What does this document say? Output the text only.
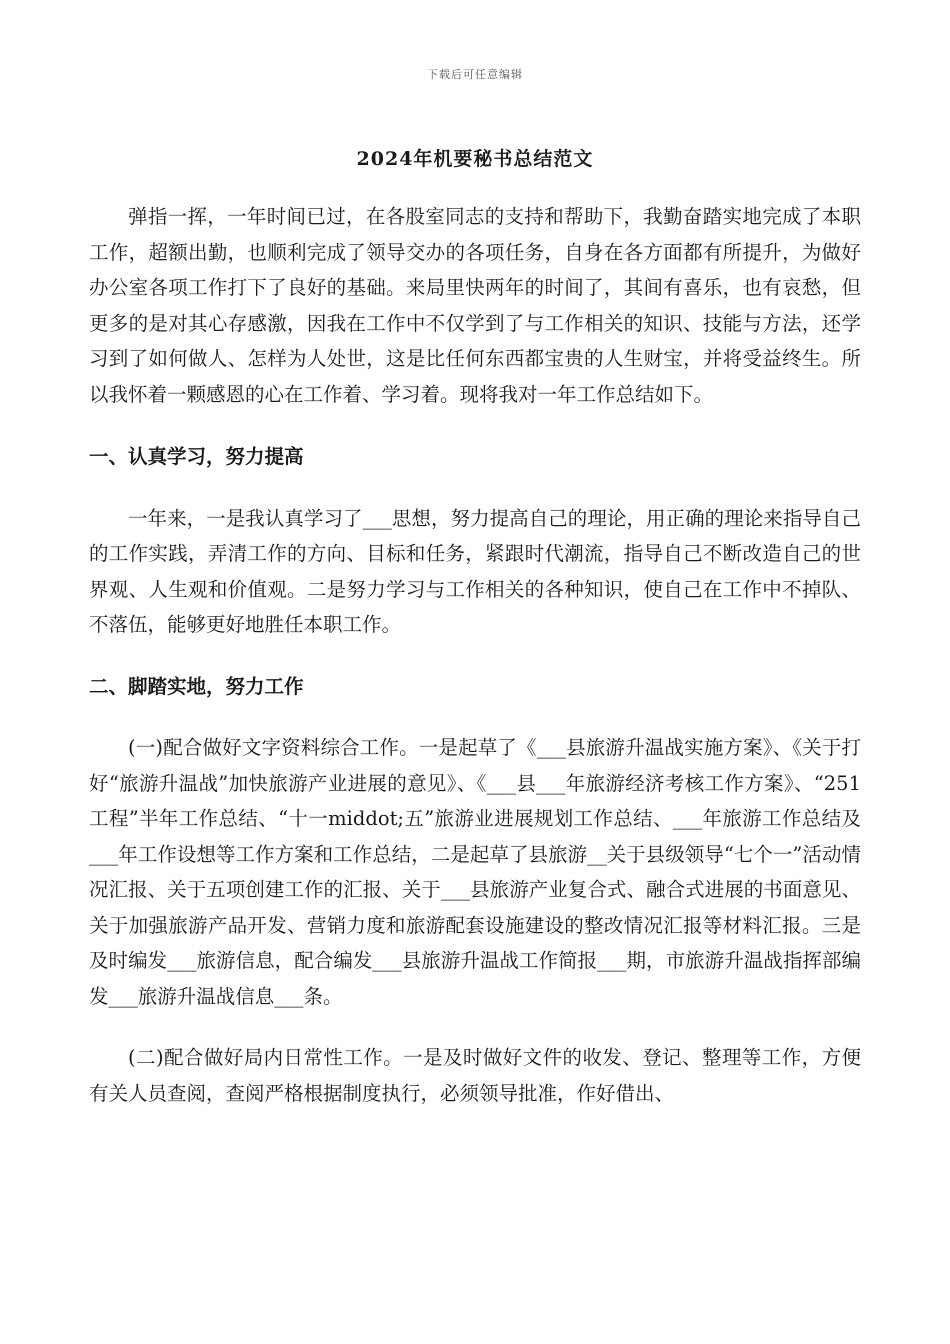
下载后可任意编辑
2024年机要秘书总结范文

弹指一挥，一年时间已过，在各股室同志的支持和帮助下，我勤奋踏实地完成了本职工作，超额出勤，也顺利完成了领导交办的各项任务，自身在各方面都有所提升，为做好办公室各项工作打下了良好的基础。来局里快两年的时间了，其间有喜乐，也有哀愁，但更多的是对其心存感激，因我在工作中不仅学到了与工作相关的知识、技能与方法，还学习到了如何做人、怎样为人处世，这是比任何东西都宝贵的人生财宝，并将受益终生。所以我怀着一颗感恩的心在工作着、学习着。现将我对一年工作总结如下。

一、认真学习，努力提高

一年来，一是我认真学习了___思想，努力提高自己的理论，用正确的理论来指导自己的工作实践，弄清工作的方向、目标和任务，紧跟时代潮流，指导自己不断改造自己的世界观、人生观和价值观。二是努力学习与工作相关的各种知识，使自己在工作中不掉队、不落伍，能够更好地胜任本职工作。

二、脚踏实地，努力工作

(一)配合做好文字资料综合工作。一是起草了《___县旅游升温战实施方案》、《关于打好“旅游升温战”加快旅游产业进展的意见》、《___县___年旅游经济考核工作方案》、“251工程”半年工作总结、“十一middot;五”旅游业进展规划工作总结、___年旅游工作总结及___年工作设想等工作方案和工作总结，二是起草了县旅游__关于县级领导“七个一”活动情况汇报、关于五项创建工作的汇报、关于___县旅游产业复合式、融合式进展的书面意见、关于加强旅游产品开发、营销力度和旅游配套设施建设的整改情况汇报等材料汇报。三是及时编发___旅游信息，配合编发___县旅游升温战工作简报___期，市旅游升温战指挥部编发___旅游升温战信息___条。

(二)配合做好局内日常性工作。一是及时做好文件的收发、登记、整理等工作，方便有关人员查阅，查阅严格根据制度执行，必须领导批准，作好借出、
